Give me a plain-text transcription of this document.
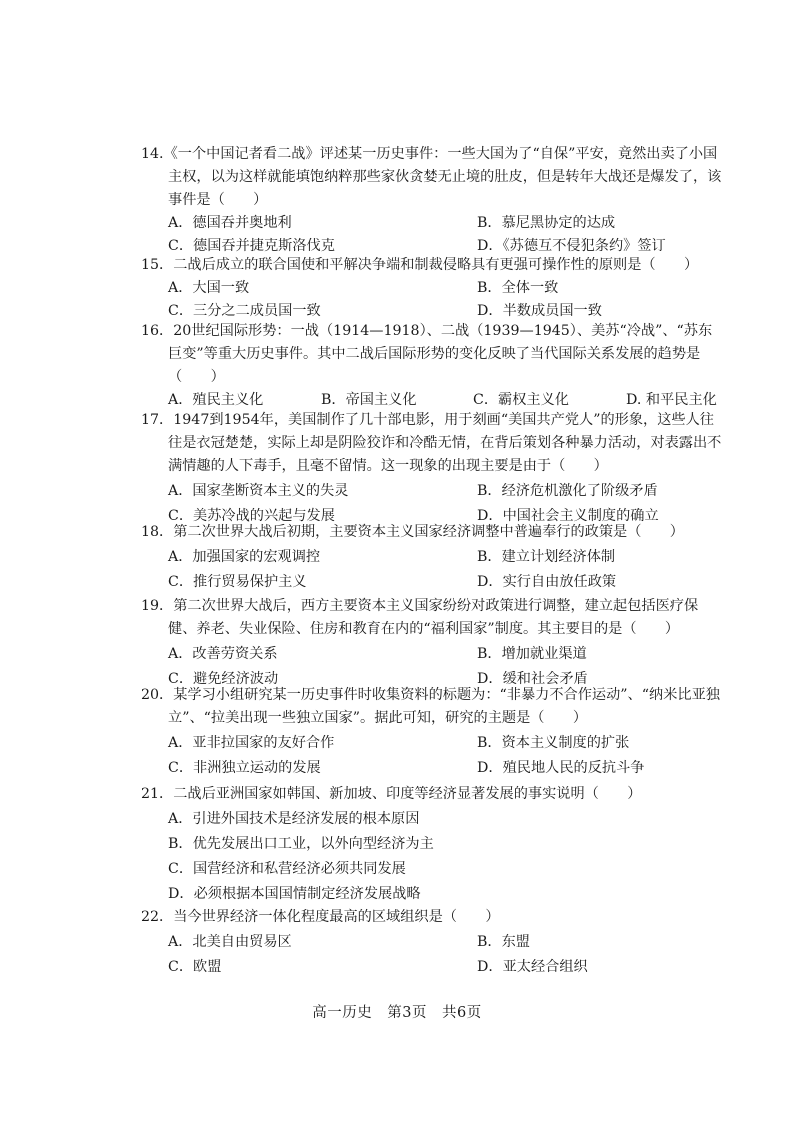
14.《一个中国记者看二战》评述某一历史事件：一些大国为了“自保”平安，竟然出卖了小国主权，以为这样就能填饱纳粹那些家伙贪婪无止境的肚皮，但是转年大战还是爆发了，该事件是（　　）
A．德国吞并奥地利	B．慕尼黑协定的达成
C．德国吞并捷克斯洛伐克	D．《苏德互不侵犯条约》签订
15．二战后成立的联合国使和平解决争端和制裁侵略具有更强可操作性的原则是（　　）
A．大国一致	B．全体一致
C．三分之二成员国一致	D．半数成员国一致
16．20世纪国际形势：一战（1914—1918）、二战（1939—1945）、美苏“冷战”、“苏东巨变”等重大历史事件。其中二战后国际形势的变化反映了当代国际关系发展的趋势是（　　）
A．殖民主义化	B．帝国主义化	C．霸权主义化	D. 和平民主化
17．1947到1954年，美国制作了几十部电影，用于刻画“美国共产党人”的形象，这些人往往是衣冠楚楚，实际上却是阴险狡诈和冷酷无情，在背后策划各种暴力活动，对表露出不满情趣的人下毒手，且毫不留情。这一现象的出现主要是由于（　　）
A．国家垄断资本主义的失灵	B．经济危机激化了阶级矛盾
C．美苏冷战的兴起与发展	D．中国社会主义制度的确立
18．第二次世界大战后初期，主要资本主义国家经济调整中普遍奉行的政策是（　　）
A．加强国家的宏观调控	B．建立计划经济体制
C．推行贸易保护主义	D．实行自由放任政策
19．第二次世界大战后，西方主要资本主义国家纷纷对政策进行调整，建立起包括医疗保健、养老、失业保险、住房和教育在内的“福利国家”制度。其主要目的是（　　）
A．改善劳资关系	B．增加就业渠道
C．避免经济波动	D．缓和社会矛盾
20．某学习小组研究某一历史事件时收集资料的标题为：“非暴力不合作运动”、“纳米比亚独立”、“拉美出现一些独立国家”。据此可知，研究的主题是（　　）
A．亚非拉国家的友好合作	B．资本主义制度的扩张
C．非洲独立运动的发展	D．殖民地人民的反抗斗争
21．二战后亚洲国家如韩国、新加坡、印度等经济显著发展的事实说明（　　）
A．引进外国技术是经济发展的根本原因
B．优先发展出口工业，以外向型经济为主
C．国营经济和私营经济必须共同发展
D．必须根据本国国情制定经济发展战略
22．当今世界经济一体化程度最高的区域组织是（　　）
A．北美自由贸易区	B．东盟
C．欧盟	D．亚太经合组织
高一历史　第3页　共6页
